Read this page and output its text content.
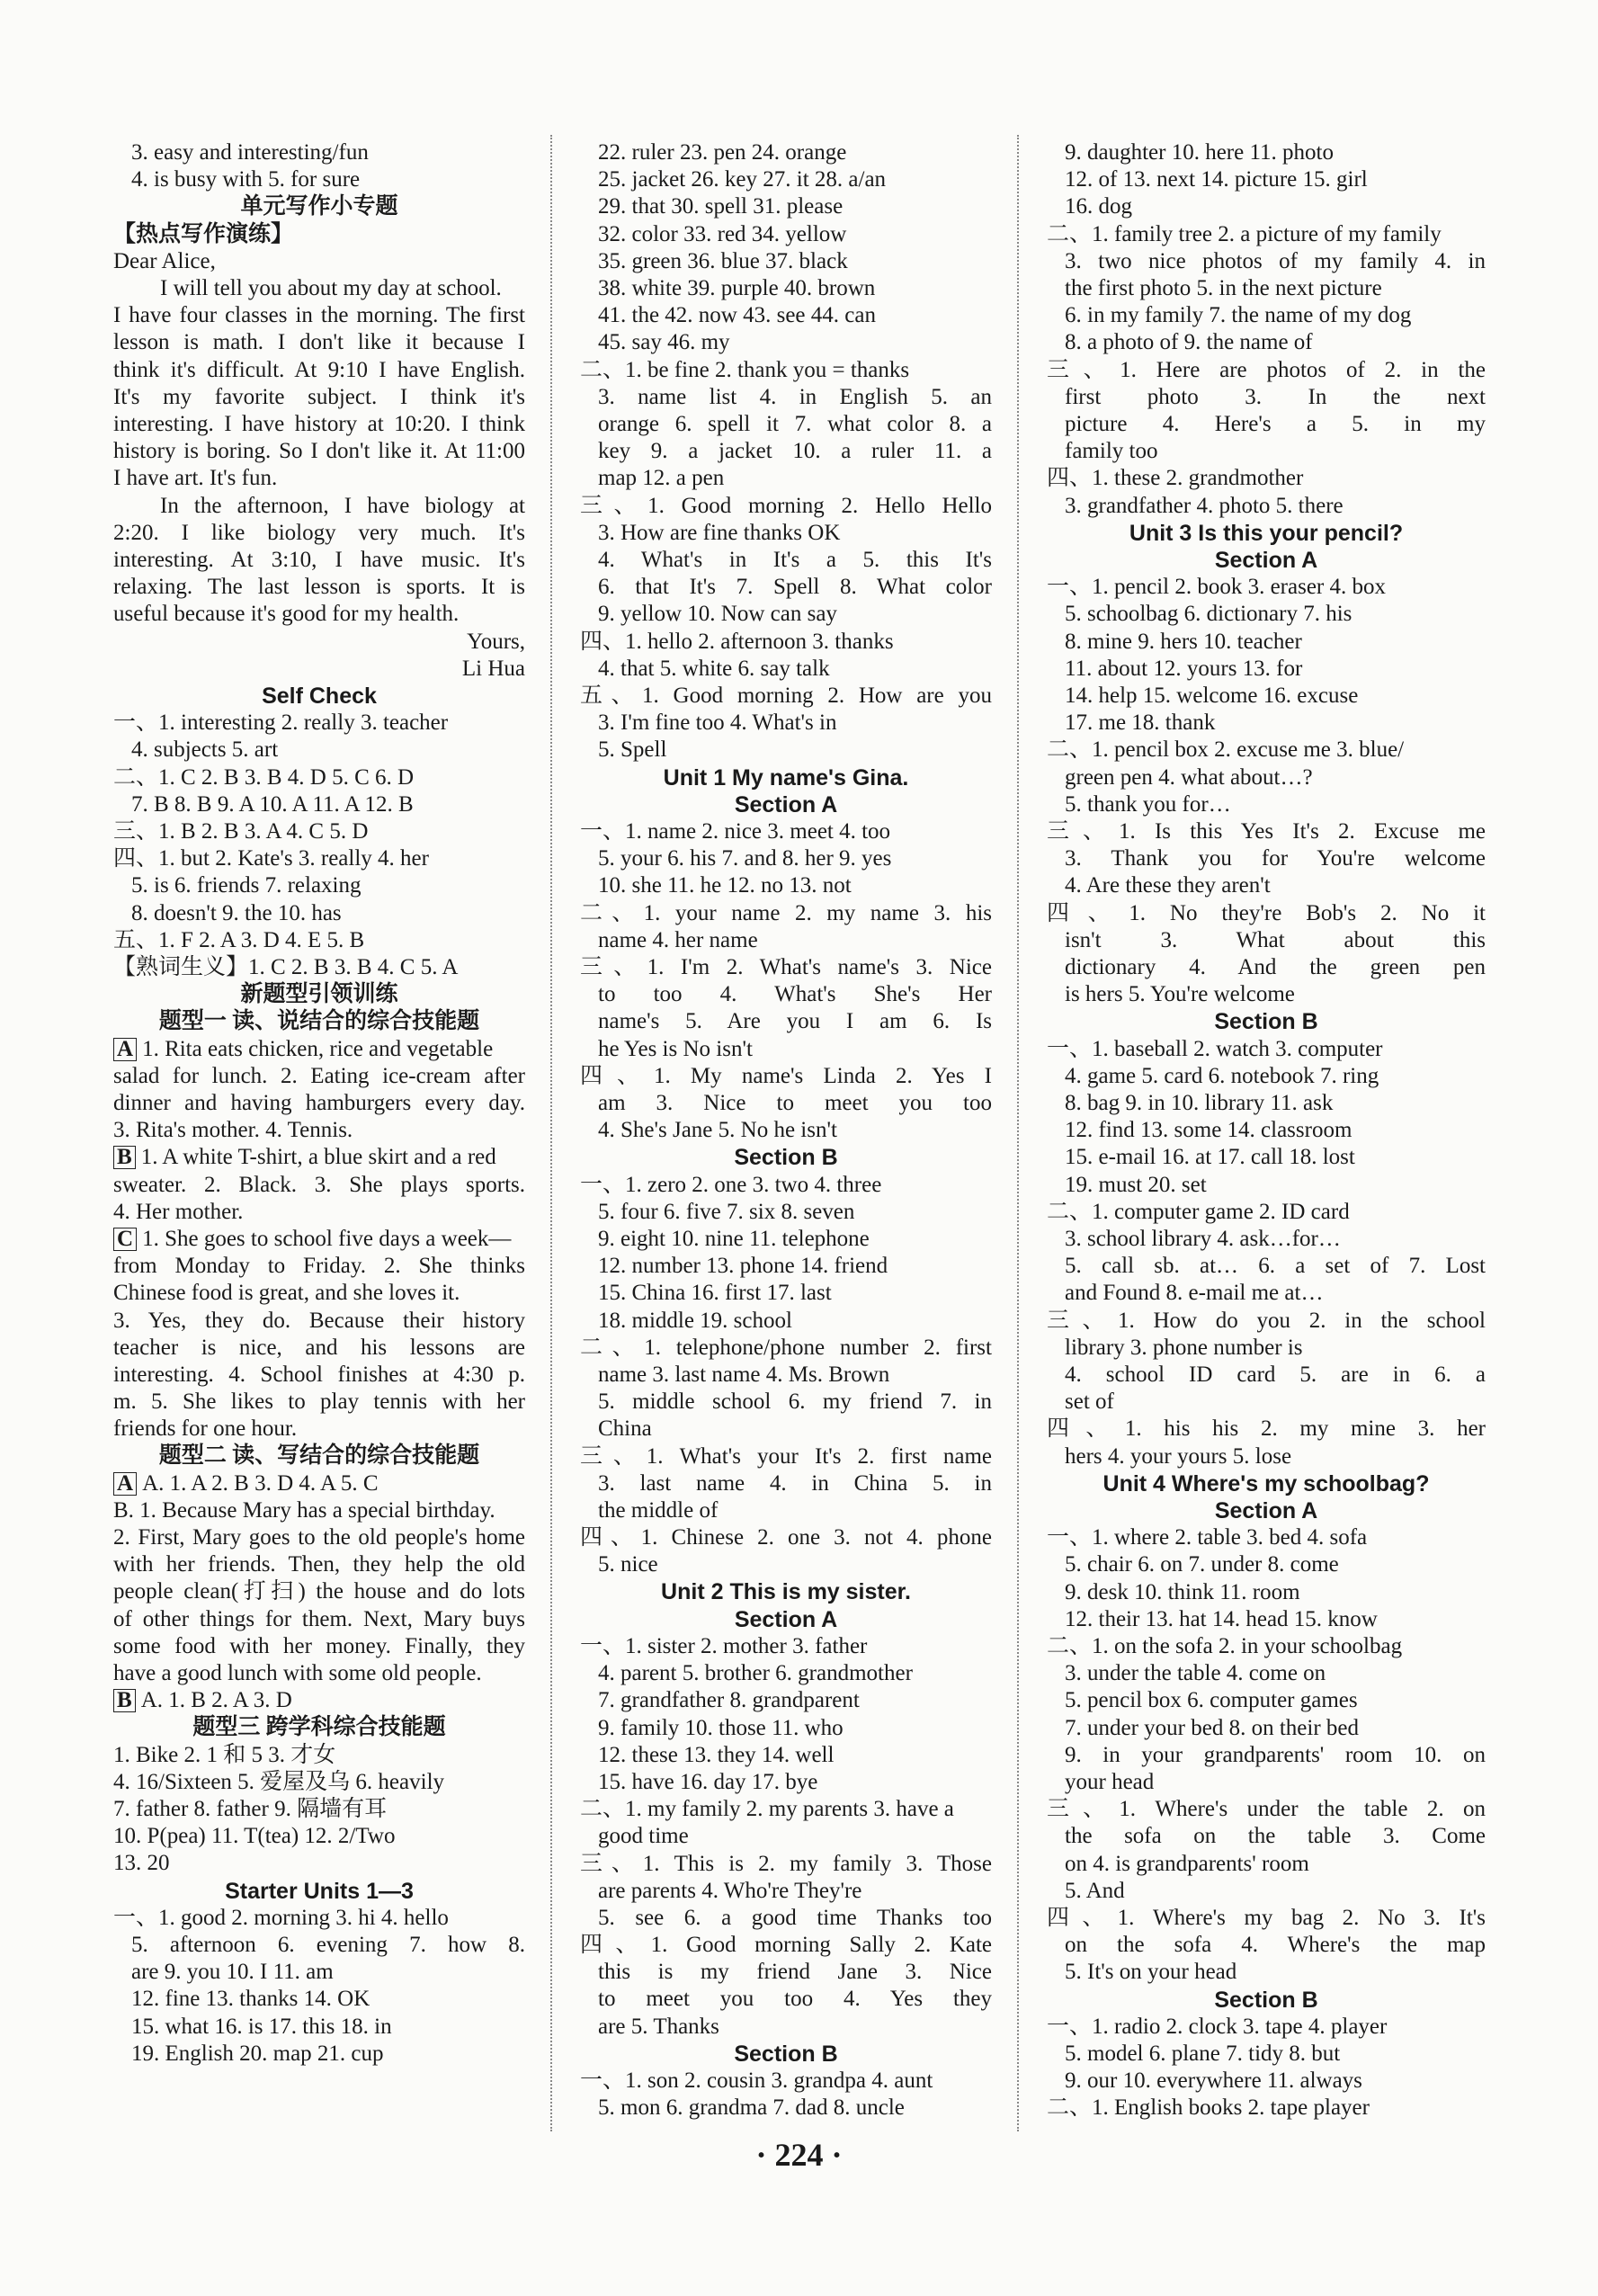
3. easy and interesting/fun
4. is busy with 5. for sure
单元写作小专题
【热点写作演练】
Dear Alice,
I will tell you about my day at school.
I have four classes in the morning. The first
lesson is math. I don't like it because I
think it's difficult. At 9:10 I have English.
It's my favorite subject. I think it's
interesting. I have history at 10:20. I think
history is boring. So I don't like it. At 11:00
I have art. It's fun.
In the afternoon, I have biology at
2:20. I like biology very much. It's
interesting. At 3:10, I have music. It's
relaxing. The last lesson is sports. It is
useful because it's good for my health.
Yours,
Li Hua
Self Check
一、1. interesting 2. really 3. teacher
4. subjects 5. art
二、1. C 2. B 3. B 4. D 5. C 6. D
7. B 8. B 9. A 10. A 11. A 12. B
三、1. B 2. B 3. A 4. C 5. D
四、1. but 2. Kate's 3. really 4. her
5. is 6. friends 7. relaxing
8. doesn't 9. the 10. has
五、1. F 2. A 3. D 4. E 5. B
【熟词生义】1. C 2. B 3. B 4. C 5. A
新题型引领训练
题型一 读、说结合的综合技能题
A 1. Rita eats chicken, rice and vegetable
salad for lunch. 2. Eating ice-cream after
dinner and having hamburgers every day.
3. Rita's mother. 4. Tennis.
B 1. A white T-shirt, a blue skirt and a red
sweater. 2. Black. 3. She plays sports.
4. Her mother.
C 1. She goes to school five days a week—
from Monday to Friday. 2. She thinks
Chinese food is great, and she loves it.
3. Yes, they do. Because their history
teacher is nice, and his lessons are
interesting. 4. School finishes at 4:30 p.
m. 5. She likes to play tennis with her
friends for one hour.
题型二 读、写结合的综合技能题
A A. 1. A 2. B 3. D 4. A 5. C
B. 1. Because Mary has a special birthday.
2. First, Mary goes to the old people's home
with her friends. Then, they help the old
people clean(打扫) the house and do lots
of other things for them. Next, Mary buys
some food with her money. Finally, they
have a good lunch with some old people.
B A. 1. B 2. A 3. D
题型三 跨学科综合技能题
1. Bike 2. 1 和 5 3. 才女
4. 16/Sixteen 5. 爱屋及乌 6. heavily
7. father 8. father 9. 隔墙有耳
10. P(pea) 11. T(tea) 12. 2/Two
13. 20
Starter Units 1—3
一、1. good 2. morning 3. hi 4. hello
5. afternoon 6. evening 7. how 8.
are 9. you 10. I 11. am
12. fine 13. thanks 14. OK
15. what 16. is 17. this 18. in
19. English 20. map 21. cup
22. ruler 23. pen 24. orange
25. jacket 26. key 27. it 28. a/an
29. that 30. spell 31. please
32. color 33. red 34. yellow
35. green 36. blue 37. black
38. white 39. purple 40. brown
41. the 42. now 43. see 44. can
45. say 46. my
二、1. be fine 2. thank you = thanks
3. name list 4. in English 5. an
orange 6. spell it 7. what color 8. a
key 9. a jacket 10. a ruler 11. a
map 12. a pen
三、1. Good morning 2. Hello Hello
3. How are fine thanks OK
4. What's in It's a 5. this It's
6. that It's 7. Spell 8. What color
9. yellow 10. Now can say
四、1. hello 2. afternoon 3. thanks
4. that 5. white 6. say talk
五、1. Good morning 2. How are you
3. I'm fine too 4. What's in
5. Spell
Unit 1 My name's Gina.
Section A
一、1. name 2. nice 3. meet 4. too
5. your 6. his 7. and 8. her 9. yes
10. she 11. he 12. no 13. not
二、1. your name 2. my name 3. his
name 4. her name
三、1. I'm 2. What's name's 3. Nice
to too 4. What's She's Her
name's 5. Are you I am 6. Is
he Yes is No isn't
四、1. My name's Linda 2. Yes I
am 3. Nice to meet you too
4. She's Jane 5. No he isn't
Section B
一、1. zero 2. one 3. two 4. three
5. four 6. five 7. six 8. seven
9. eight 10. nine 11. telephone
12. number 13. phone 14. friend
15. China 16. first 17. last
18. middle 19. school
二、1. telephone/phone number 2. first
name 3. last name 4. Ms. Brown
5. middle school 6. my friend 7. in
China
三、1. What's your It's 2. first name
3. last name 4. in China 5. in
the middle of
四、1. Chinese 2. one 3. not 4. phone
5. nice
Unit 2 This is my sister.
Section A
一、1. sister 2. mother 3. father
4. parent 5. brother 6. grandmother
7. grandfather 8. grandparent
9. family 10. those 11. who
12. these 13. they 14. well
15. have 16. day 17. bye
二、1. my family 2. my parents 3. have a
good time
三、1. This is 2. my family 3. Those
are parents 4. Who're They're
5. see 6. a good time Thanks too
四、1. Good morning Sally 2. Kate
this is my friend Jane 3. Nice
to meet you too 4. Yes they
are 5. Thanks
Section B
一、1. son 2. cousin 3. grandpa 4. aunt
5. mon 6. grandma 7. dad 8. uncle
9. daughter 10. here 11. photo
12. of 13. next 14. picture 15. girl
16. dog
二、1. family tree 2. a picture of my family
3. two nice photos of my family 4. in
the first photo 5. in the next picture
6. in my family 7. the name of my dog
8. a photo of 9. the name of
三、1. Here are photos of 2. in the
first photo 3. In the next
picture 4. Here's a 5. in my
family too
四、1. these 2. grandmother
3. grandfather 4. photo 5. there
Unit 3 Is this your pencil?
Section A
一、1. pencil 2. book 3. eraser 4. box
5. schoolbag 6. dictionary 7. his
8. mine 9. hers 10. teacher
11. about 12. yours 13. for
14. help 15. welcome 16. excuse
17. me 18. thank
二、1. pencil box 2. excuse me 3. blue/
green pen 4. what about…?
5. thank you for…
三、1. Is this Yes It's 2. Excuse me
3. Thank you for You're welcome
4. Are these they aren't
四、1. No they're Bob's 2. No it
isn't 3. What about this
dictionary 4. And the green pen
is hers 5. You're welcome
Section B
一、1. baseball 2. watch 3. computer
4. game 5. card 6. notebook 7. ring
8. bag 9. in 10. library 11. ask
12. find 13. some 14. classroom
15. e-mail 16. at 17. call 18. lost
19. must 20. set
二、1. computer game 2. ID card
3. school library 4. ask…for…
5. call sb. at… 6. a set of 7. Lost
and Found 8. e-mail me at…
三、1. How do you 2. in the school
library 3. phone number is
4. school ID card 5. are in 6. a
set of
四、1. his his 2. my mine 3. her
hers 4. your yours 5. lose
Unit 4 Where's my schoolbag?
Section A
一、1. where 2. table 3. bed 4. sofa
5. chair 6. on 7. under 8. come
9. desk 10. think 11. room
12. their 13. hat 14. head 15. know
二、1. on the sofa 2. in your schoolbag
3. under the table 4. come on
5. pencil box 6. computer games
7. under your bed 8. on their bed
9. in your grandparents' room 10. on
your head
三、1. Where's under the table 2. on
the sofa on the table 3. Come
on 4. is grandparents' room
5. And
四、1. Where's my bag 2. No 3. It's
on the sofa 4. Where's the map
5. It's on your head
Section B
一、1. radio 2. clock 3. tape 4. player
5. model 6. plane 7. tidy 8. but
9. our 10. everywhere 11. always
二、1. English books 2. tape player
· 224 ·
